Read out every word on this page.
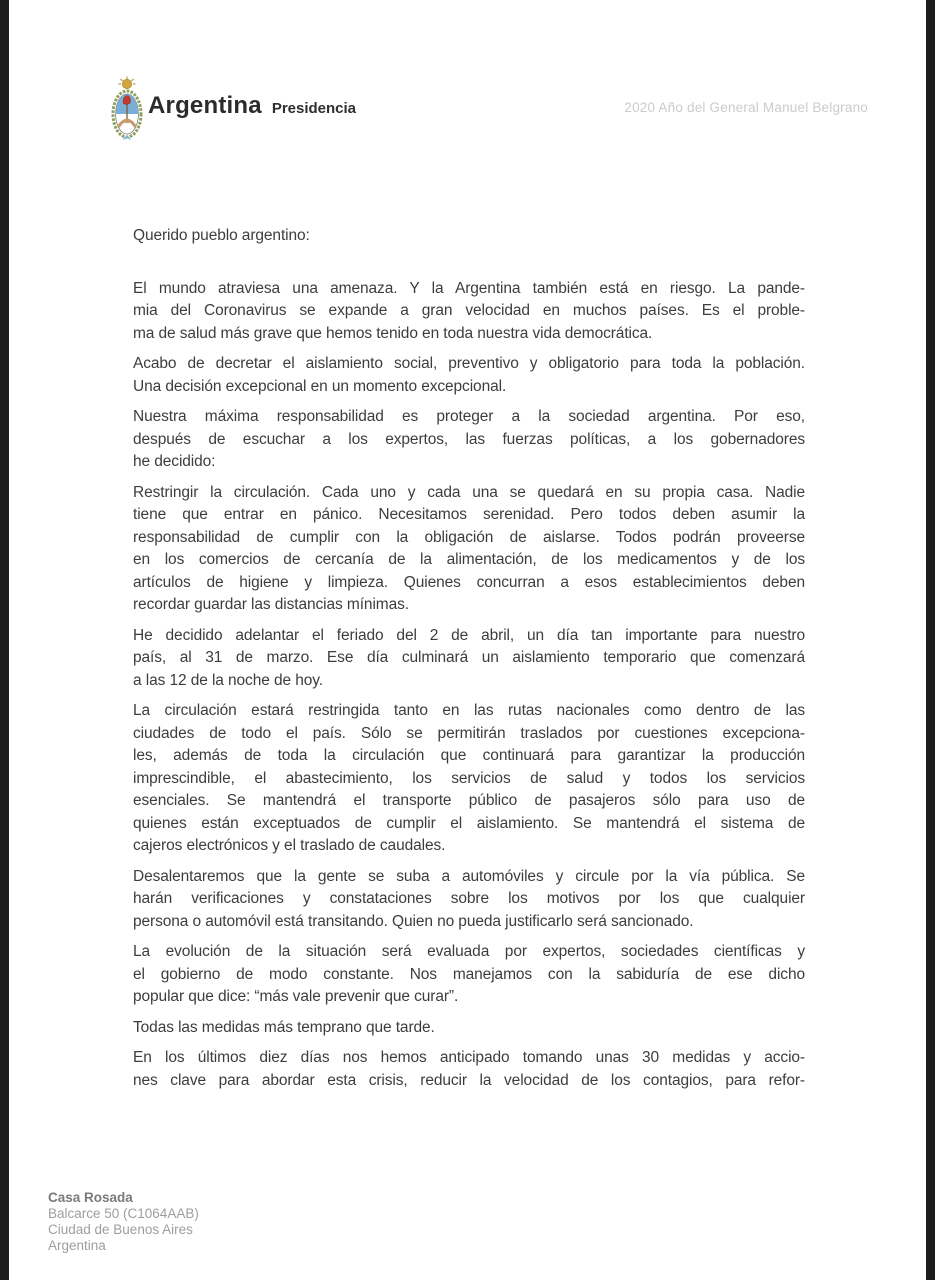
Argentina Presidencia	2020 Año del General Manuel Belgrano

Querido pueblo argentino:

El mundo atraviesa una amenaza. Y la Argentina también está en riesgo. La pande-
mia del Coronavirus se expande a gran velocidad en muchos países. Es el proble-
ma de salud más grave que hemos tenido en toda nuestra vida democrática.
Acabo de decretar el aislamiento social, preventivo y obligatorio para toda la población.
Una decisión excepcional en un momento excepcional.
Nuestra máxima responsabilidad es proteger a la sociedad argentina. Por eso,
después de escuchar a los expertos, las fuerzas políticas, a los gobernadores
he decidido:
Restringir la circulación. Cada uno y cada una se quedará en su propia casa. Nadie
tiene que entrar en pánico. Necesitamos serenidad. Pero todos deben asumir la
responsabilidad de cumplir con la obligación de aislarse. Todos podrán proveerse
en los comercios de cercanía de la alimentación, de los medicamentos y de los
artículos de higiene y limpieza. Quienes concurran a esos establecimientos deben
recordar guardar las distancias mínimas.
He decidido adelantar el feriado del 2 de abril, un día tan importante para nuestro
país, al 31 de marzo. Ese día culminará un aislamiento temporario que comenzará
a las 12 de la noche de hoy.
La circulación estará restringida tanto en las rutas nacionales como dentro de las
ciudades de todo el país. Sólo se permitirán traslados por cuestiones excepciona-
les, además de toda la circulación que continuará para garantizar la producción
imprescindible, el abastecimiento, los servicios de salud y todos los servicios
esenciales. Se mantendrá el transporte público de pasajeros sólo para uso de
quienes están exceptuados de cumplir el aislamiento. Se mantendrá el sistema de
cajeros electrónicos y el traslado de caudales.
Desalentaremos que la gente se suba a automóviles y circule por la vía pública. Se
harán verificaciones y constataciones sobre los motivos por los que cualquier
persona o automóvil está transitando. Quien no pueda justificarlo será sancionado.
La evolución de la situación será evaluada por expertos, sociedades científicas y
el gobierno de modo constante. Nos manejamos con la sabiduría de ese dicho
popular que dice: “más vale prevenir que curar”.
Todas las medidas más temprano que tarde.
En los últimos diez días nos hemos anticipado tomando unas 30 medidas y accio-
nes clave para abordar esta crisis, reducir la velocidad de los contagios, para refor-
Casa Rosada
Balcarce 50 (C1064AAB)
Ciudad de Buenos Aires
Argentina
